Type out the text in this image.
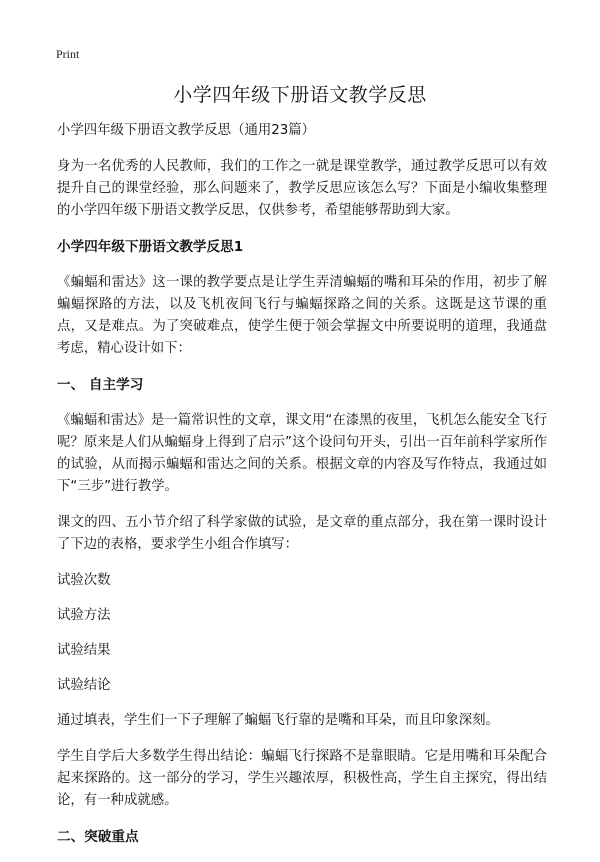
Print
小学四年级下册语文教学反思

小学四年级下册语文教学反思（通用23篇）

身为一名优秀的人民教师，我们的工作之一就是课堂教学，通过教学反思可以有效提升自己的课堂经验，那么问题来了，教学反思应该怎么写？下面是小编收集整理的小学四年级下册语文教学反思，仅供参考，希望能够帮助到大家。

小学四年级下册语文教学反思1

《蝙蝠和雷达》这一课的教学要点是让学生弄清蝙蝠的嘴和耳朵的作用，初步了解蝙蝠探路的方法，以及飞机夜间飞行与蝙蝠探路之间的关系。这既是这节课的重点，又是难点。为了突破难点，使学生便于领会掌握文中所要说明的道理，我通盘考虑，精心设计如下：

一、 自主学习

《蝙蝠和雷达》是一篇常识性的文章，课文用“在漆黑的夜里，飞机怎么能安全飞行呢？原来是人们从蝙蝠身上得到了启示”这个设问句开头，引出一百年前科学家所作的试验，从而揭示蝙蝠和雷达之间的关系。根据文章的内容及写作特点，我通过如下“三步”进行教学。

课文的四、五小节介绍了科学家做的试验，是文章的重点部分，我在第一课时设计了下边的表格，要求学生小组合作填写：

试验次数

试验方法

试验结果

试验结论

通过填表，学生们一下子理解了蝙蝠飞行靠的是嘴和耳朵，而且印象深刻。

学生自学后大多数学生得出结论：蝙蝠飞行探路不是靠眼睛。它是用嘴和耳朵配合起来探路的。这一部分的学习，学生兴趣浓厚，积极性高，学生自主探究，得出结论，有一种成就感。

二、突破重点
